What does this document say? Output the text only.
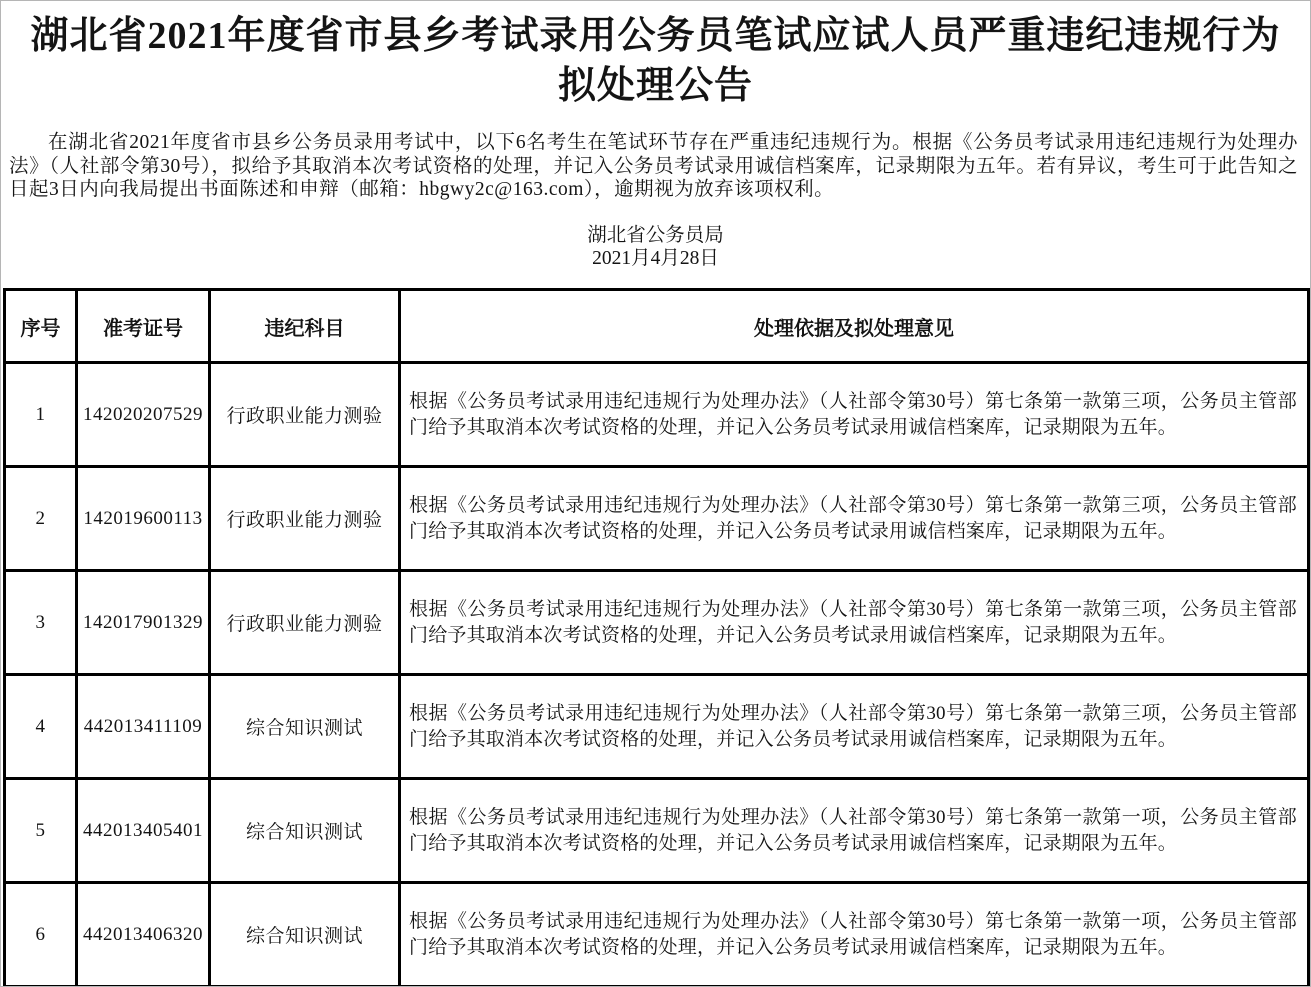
湖北省2021年度省市县乡考试录用公务员笔试应试人员严重违纪违规行为
拟处理公告

在湖北省2021年度省市县乡公务员录用考试中，以下6名考生在笔试环节存在严重违纪违规行为。根据《公务员考试录用违纪违规行为处理办法》（人社部令第30号），拟给予其取消本次考试资格的处理，并记入公务员考试录用诚信档案库，记录期限为五年。若有异议，考生可于此告知之日起3日内向我局提出书面陈述和申辩（邮箱：hbgwy2c@163.com），逾期视为放弃该项权利。

湖北省公务员局
2021月4月28日
序号	准考证号	违纪科目	处理依据及拟处理意见
1	142020207529	行政职业能力测验	根据《公务员考试录用违纪违规行为处理办法》（人社部令第30号）第七条第一款第三项，公务员主管部门给予其取消本次考试资格的处理，并记入公务员考试录用诚信档案库，记录期限为五年。
2	142019600113	行政职业能力测验	根据《公务员考试录用违纪违规行为处理办法》（人社部令第30号）第七条第一款第三项，公务员主管部门给予其取消本次考试资格的处理，并记入公务员考试录用诚信档案库，记录期限为五年。
3	142017901329	行政职业能力测验	根据《公务员考试录用违纪违规行为处理办法》（人社部令第30号）第七条第一款第三项，公务员主管部门给予其取消本次考试资格的处理，并记入公务员考试录用诚信档案库，记录期限为五年。
4	442013411109	综合知识测试	根据《公务员考试录用违纪违规行为处理办法》（人社部令第30号）第七条第一款第三项，公务员主管部门给予其取消本次考试资格的处理，并记入公务员考试录用诚信档案库，记录期限为五年。
5	442013405401	综合知识测试	根据《公务员考试录用违纪违规行为处理办法》（人社部令第30号）第七条第一款第一项，公务员主管部门给予其取消本次考试资格的处理，并记入公务员考试录用诚信档案库，记录期限为五年。
6	442013406320	综合知识测试	根据《公务员考试录用违纪违规行为处理办法》（人社部令第30号）第七条第一款第一项，公务员主管部门给予其取消本次考试资格的处理，并记入公务员考试录用诚信档案库，记录期限为五年。
